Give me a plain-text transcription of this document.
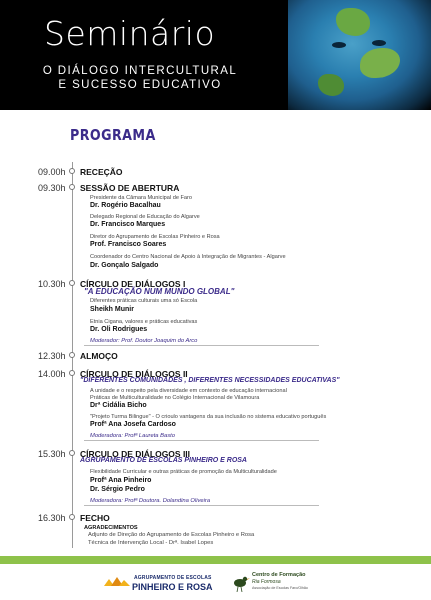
Seminário
O DIÁLOGO INTERCULTURAL
E SUCESSO EDUCATIVO
PROGRAMA
09.00h RECEÇÃO
09.30h SESSÃO DE ABERTURA
Presidente da Câmara Municipal de Faro
Dr. Rogério Bacalhau
Delegado Regional de Educação do Algarve
Dr. Francisco Marques
Diretor do Agrupamento de Escolas Pinheiro e Rosa
Prof. Francisco Soares
Coordenador do Centro Nacional de Apoio à Integração de Migrantes - Algarve
Dr. Gonçalo Salgado
10.30h CÍRCULO DE DIÁLOGOS I
"A EDUCAÇÃO NUM MUNDO GLOBAL"
Diferentes práticas culturais uma só Escola
Sheikh Munir
Etnia Cigana, valores e práticas educativas
Dr. Oli Rodrigues
Moderador: Prof. Doutor Joaquim do Arco
12.30h ALMOÇO
14.00h CÍRCULO DE DIÁLOGOS II
"DIFERENTES COMUNIDADES , DIFERENTES NECESSIDADES EDUCATIVAS"
A unidade e o respeito pela diversidade em contexto de educação internacional
Práticas de Multiculturalidade no Colégio Internacional de Vilamoura
Drª Cidália Bicho
"Projeto Turma Bilingue" - O crioulo vantagens da sua inclusão no sistema educativo português
Profª Ana Josefa Cardoso
Moderadora: Profª Laureta Basto
15.30h CÍRCULO DE DIÁLOGOS III
AGRUPAMENTO DE ESCOLAS PINHEIRO E ROSA
Flexibilidade Curricular e outras práticas de promoção da Multiculturalidade
Profª Ana Pinheiro
Dr. Sérgio Pedro
Moderadora: Profª Doutora. Dolandina Oliveira
16.30h FECHO
AGRADECIMENTOS
Adjunto de Direção do Agrupamento de Escolas Pinheiro e Rosa
Técnica de Intervenção Local - Drª. Isabel Lopes
AGRUPAMENTO DE ESCOLAS
PINHEIRO E ROSA
Centro de Formação
Ria Formosa
Associação de Escolas Faro/Olhão
